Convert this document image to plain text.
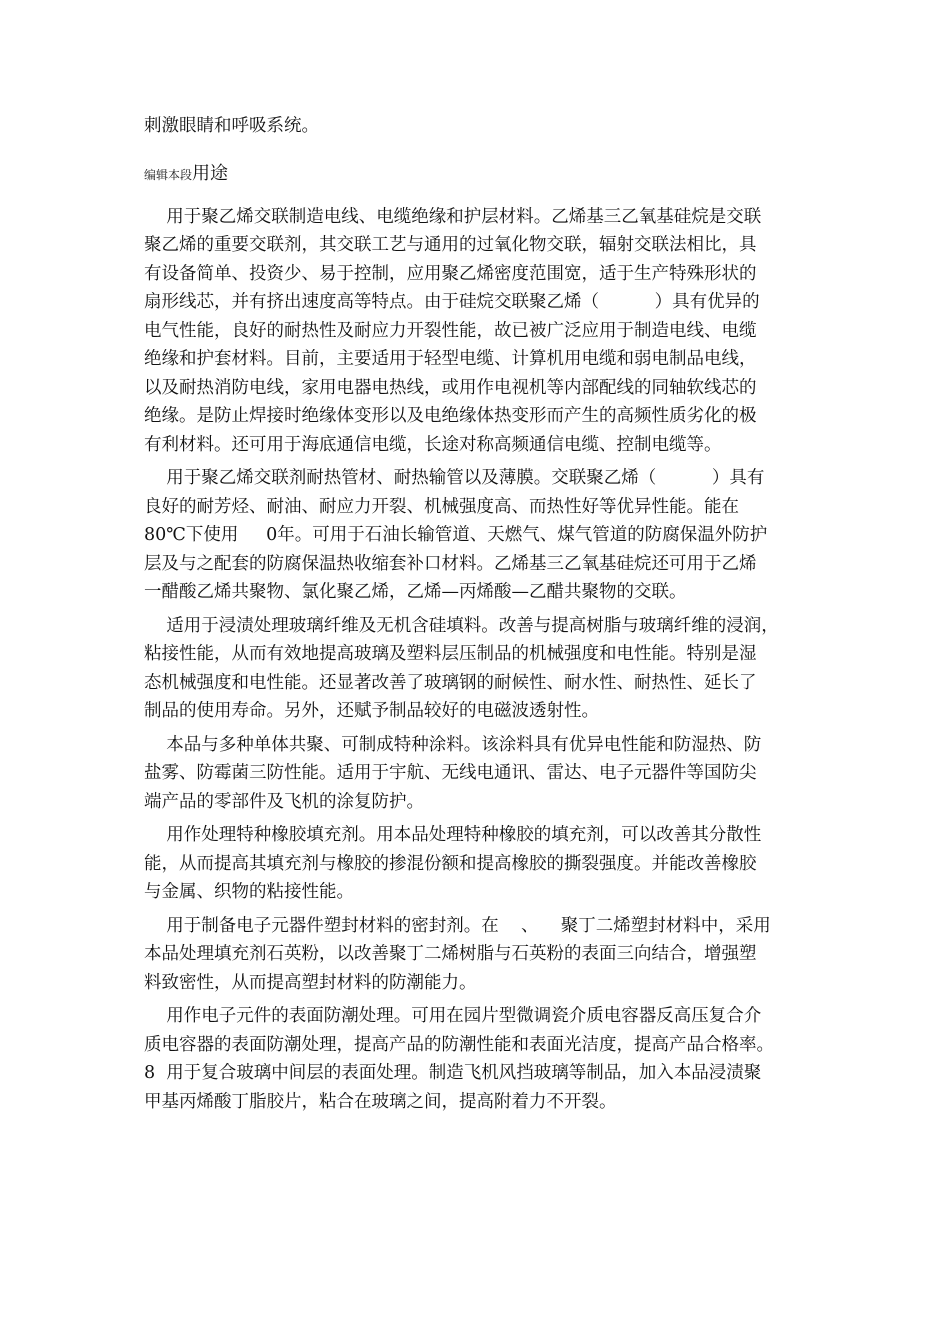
刺激眼睛和呼吸系统。

编辑本段用途

用于聚乙烯交联制造电线、电缆绝缘和护层材料。乙烯基三乙氧基硅烷是交联

聚乙烯的重要交联剂，其交联工艺与通用的过氧化物交联，辐射交联法相比，具

有设备简单、投资少、易于控制，应用聚乙烯密度范围宽，适于生产特殊形状的

扇形线芯，并有挤出速度高等特点。由于硅烷交联聚乙烯（          ）具有优异的

电气性能，良好的耐热性及耐应力开裂性能，故已被广泛应用于制造电线、电缆

绝缘和护套材料。目前，主要适用于轻型电缆、计算机用电缆和弱电制品电线，

以及耐热消防电线，家用电器电热线，或用作电视机等内部配线的同轴软线芯的

绝缘。是防止焊接时绝缘体变形以及电绝缘体热变形而产生的高频性质劣化的极

有利材料。还可用于海底通信电缆，长途对称高频通信电缆、控制电缆等。

用于聚乙烯交联剂耐热管材、耐热输管以及薄膜。交联聚乙烯（          ）具有

良好的耐芳烃、耐油、耐应力开裂、机械强度高、而热性好等优异性能。能在

80℃下使用     0年。可用于石油长输管道、天燃气、煤气管道的防腐保温外防护

层及与之配套的防腐保温热收缩套补口材料。乙烯基三乙氧基硅烷还可用于乙烯

一醋酸乙烯共聚物、氯化聚乙烯，乙烯—丙烯酸—乙醋共聚物的交联。

适用于浸渍处理玻璃纤维及无机含硅填料。改善与提高树脂与玻璃纤维的浸润，

粘接性能，从而有效地提高玻璃及塑料层压制品的机械强度和电性能。特别是湿

态机械强度和电性能。还显著改善了玻璃钢的耐候性、耐水性、耐热性、延长了

制品的使用寿命。另外，还赋予制品较好的电磁波透射性。

本品与多种单体共聚、可制成特种涂料。该涂料具有优异电性能和防湿热、防

盐雾、防霉菌三防性能。适用于宇航、无线电通讯、雷达、电子元器件等国防尖

端产品的零部件及飞机的涂复防护。

用作处理特种橡胶填充剂。用本品处理特种橡胶的填充剂，可以改善其分散性

能，从而提高其填充剂与橡胶的掺混份额和提高橡胶的撕裂强度。并能改善橡胶

与金属、织物的粘接性能。

用于制备电子元器件塑封材料的密封剂。在    、    聚丁二烯塑封材料中，采用

本品处理填充剂石英粉，以改善聚丁二烯树脂与石英粉的表面三向结合，增强塑

料致密性，从而提高塑封材料的防潮能力。

用作电子元件的表面防潮处理。可用在园片型微调瓷介质电容器反高压复合介

质电容器的表面防潮处理，提高产品的防潮性能和表面光洁度，提高产品合格率。

8  用于复合玻璃中间层的表面处理。制造飞机风挡玻璃等制品，加入本品浸渍聚

甲基丙烯酸丁脂胶片，粘合在玻璃之间，提高附着力不开裂。
